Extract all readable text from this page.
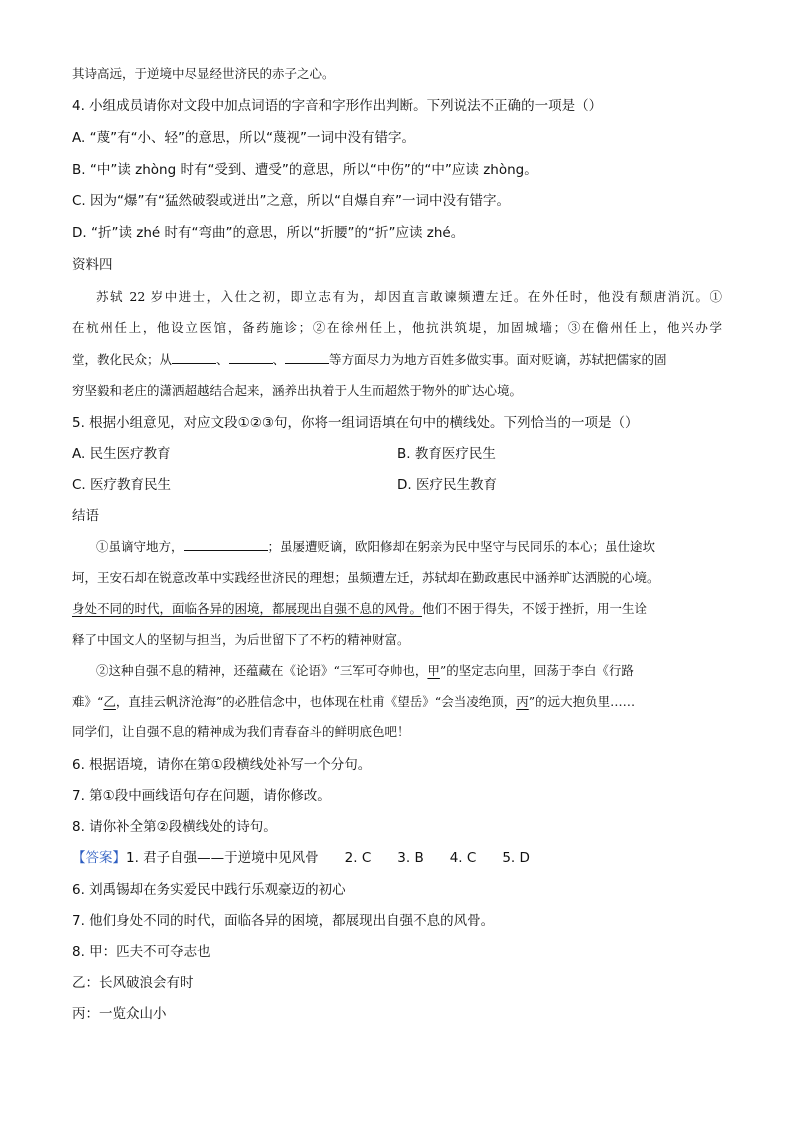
其诗高远，于逆境中尽显经世济民的赤子之心。
4. 小组成员请你对文段中加点词语的字音和字形作出判断。下列说法不正确的一项是（）
A. “蔑”有“小、轻”的意思，所以“蔑视”一词中没有错字。
B. “中”读 zhòng 时有“受到、遭受”的意思，所以“中伤”的“中”应读 zhòng。
C. 因为“爆”有“猛然破裂或迸出”之意，所以“自爆自弃”一词中没有错字。
D. “折”读 zhé 时有“弯曲”的意思，所以“折腰”的“折”应读 zhé。
资料四
苏轼 22 岁中进士，入仕之初，即立志有为，却因直言敢谏频遭左迁。在外任时，他没有颓唐消沉。①
在杭州任上，他设立医馆，备药施诊；②在徐州任上，他抗洪筑堤，加固城墙；③在儋州任上，他兴办学
堂，教化民众；从	、	、	等方面尽力为地方百姓多做实事。面对贬谪，苏轼把儒家的固
穷坚毅和老庄的潇洒超越结合起来，涵养出执着于人生而超然于物外的旷达心境。
5. 根据小组意见，对应文段①②③句，你将一组词语填在句中的横线处。下列恰当的一项是（）
A. 民生医疗教育	B. 教育医疗民生
C. 医疗教育民生	D. 医疗民生教育
结语
①虽谪守地方，	；虽屡遭贬谪，欧阳修却在躬亲为民中坚守与民同乐的本心；虽仕途坎
坷，王安石却在锐意改革中实践经世济民的理想；虽频遭左迁，苏轼却在勤政惠民中涵养旷达洒脱的心境。
身处不同的时代，面临各异的困境，都展现出自强不息的风骨。他们不困于得失，不馁于挫折，用一生诠
释了中国文人的坚韧与担当，为后世留下了不朽的精神财富。
②这种自强不息的精神，还蕴藏在《论语》“三军可夺帅也，甲”的坚定志向里，回荡于李白《行路
难》“乙，直挂云帆济沧海”的必胜信念中，也体现在杜甫《望岳》“会当凌绝顶，丙”的远大抱负里……
同学们，让自强不息的精神成为我们青春奋斗的鲜明底色吧！
6. 根据语境，请你在第①段横线处补写一个分句。
7. 第①段中画线语句存在问题，请你修改。
8. 请你补全第②段横线处的诗句。
【答案】1. 君子自强——于逆境中见风骨 2. C 3. B 4. C 5. D
6. 刘禹锡却在务实爱民中践行乐观豪迈的初心
7. 他们身处不同的时代，面临各异的困境，都展现出自强不息的风骨。
8. 甲：匹夫不可夺志也
乙：长风破浪会有时
丙：一览众山小
